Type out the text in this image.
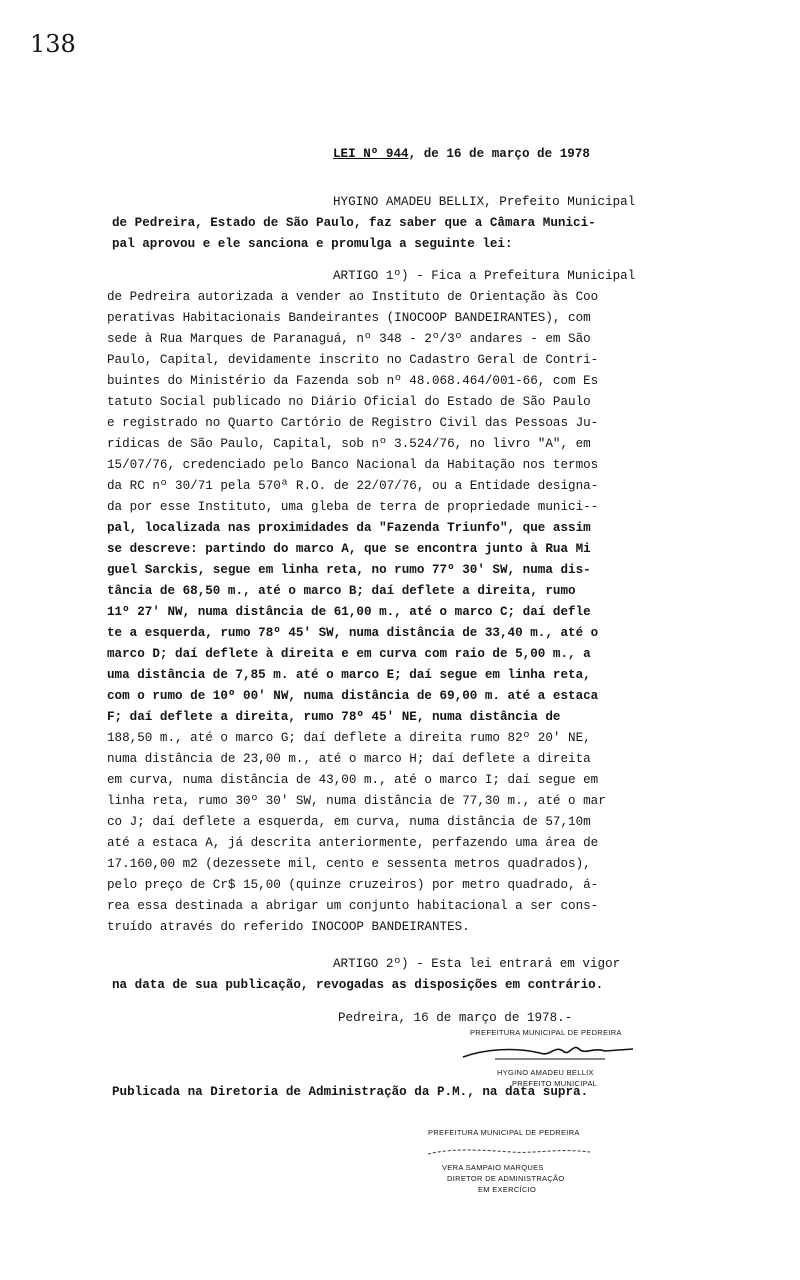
138
LEI Nº 944, de 16 de março de 1978
HYGINO AMADEU BELLIX, Prefeito Municipal
de Pedreira, Estado de São Paulo, faz saber que a Câmara Munici-
pal aprovou e ele sanciona e promulga a seguinte lei:
ARTIGO 1º) - Fica a Prefeitura Municipal
de Pedreira autorizada a vender ao Instituto de Orientação às Coo
perativas Habitacionais Bandeirantes (INOCOOP BANDEIRANTES), com
sede à Rua Marques de Paranaguá, nº 348 - 2º/3º andares - em São
Paulo, Capital, devidamente inscrito no Cadastro Geral de Contri-
buintes do Ministério da Fazenda sob nº 48.068.464/001-66, com Es
tatuto Social publicado no Diário Oficial do Estado de São Paulo
e registrado no Quarto Cartório de Registro Civil das Pessoas Ju-
rídicas de São Paulo, Capital, sob nº 3.524/76, no livro "A", em
15/07/76, credenciado pelo Banco Nacional da Habitação nos termos
da RC nº 30/71 pela 570ª R.O. de 22/07/76, ou a Entidade designa-
da por esse Instituto, uma gleba de terra de propriedade munici--
pal, localizada nas proximidades da "Fazenda Triunfo", que assim
se descreve: partindo do marco A, que se encontra junto à Rua Mi
guel Sarckis, segue em linha reta, no rumo 77º 30' SW, numa dis-
tância de 68,50 m., até o marco B; daí deflete a direita, rumo
11º 27' NW, numa distância de 61,00 m., até o marco C; daí defle
te a esquerda, rumo 78º 45' SW, numa distância de 33,40 m., até o
marco D; daí deflete à direita e em curva com raio de 5,00 m., a
uma distância de 7,85 m. até o marco E; daí segue em linha reta,
com o rumo de 10º 00' NW, numa distância de 69,00 m. até a estaca
F; daí deflete a direita, rumo 78º 45' NE, numa distância de
188,50 m., até o marco G; daí deflete a direita rumo 82º 20' NE,
numa distância de 23,00 m., até o marco H; daí deflete a direita
em curva, numa distância de 43,00 m., até o marco I; daí segue em
linha reta, rumo 30º 30' SW, numa distância de 77,30 m., até o mar
co J; daí deflete a esquerda, em curva, numa distância de 57,10m
até a estaca A, já descrita anteriormente, perfazendo uma área de
17.160,00 m2 (dezessete mil, cento e sessenta metros quadrados),
pelo preço de Cr$ 15,00 (quinze cruzeiros) por metro quadrado, á-
rea essa destinada a abrigar um conjunto habitacional a ser cons-
truído através do referido INOCOOP BANDEIRANTES.
ARTIGO 2º) - Esta lei entrará em vigor
na data de sua publicação, revogadas as disposições em contrário.
Pedreira, 16 de março de 1978.-
Publicada na Diretoria de Administração da P.M., na data supra.
PREFEITURA MUNICIPAL DE PEDREIRA
HYGINO AMADEU BELLIX
PREFEITO MUNICIPAL
PREFEITURA MUNICIPAL DE PEDREIRA
VERA SAMPAIO MARQUES
DIRETOR DE ADMINISTRAÇÃO
EM EXERCÍCIO
